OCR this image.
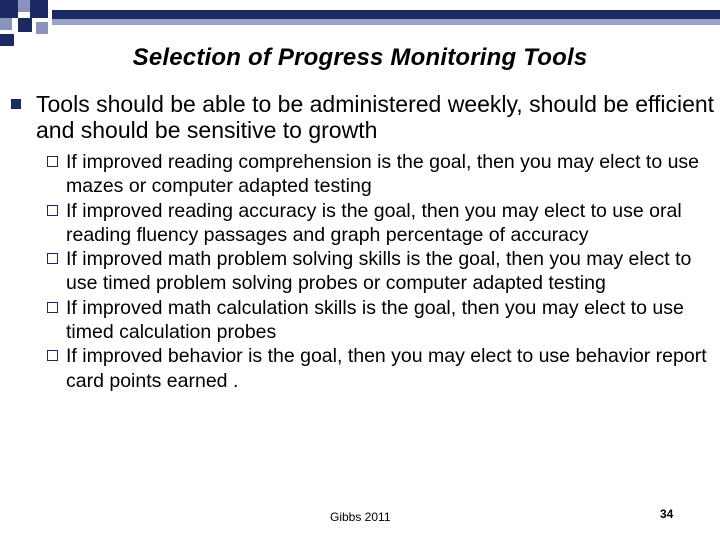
Selection of Progress Monitoring Tools
Tools should be able to be administered weekly, should be efficient and should be sensitive to growth
If improved reading comprehension is the goal, then you may elect to use mazes or computer adapted testing
If improved reading accuracy is the goal, then you may elect to use oral reading fluency passages and graph percentage of accuracy
If improved math problem solving skills is the goal, then you may elect to use timed problem solving probes or computer adapted testing
If improved math calculation skills is the goal, then you may elect to use timed calculation probes
If improved behavior is the goal, then you may elect to use behavior report card points earned .
Gibbs 2011	34
